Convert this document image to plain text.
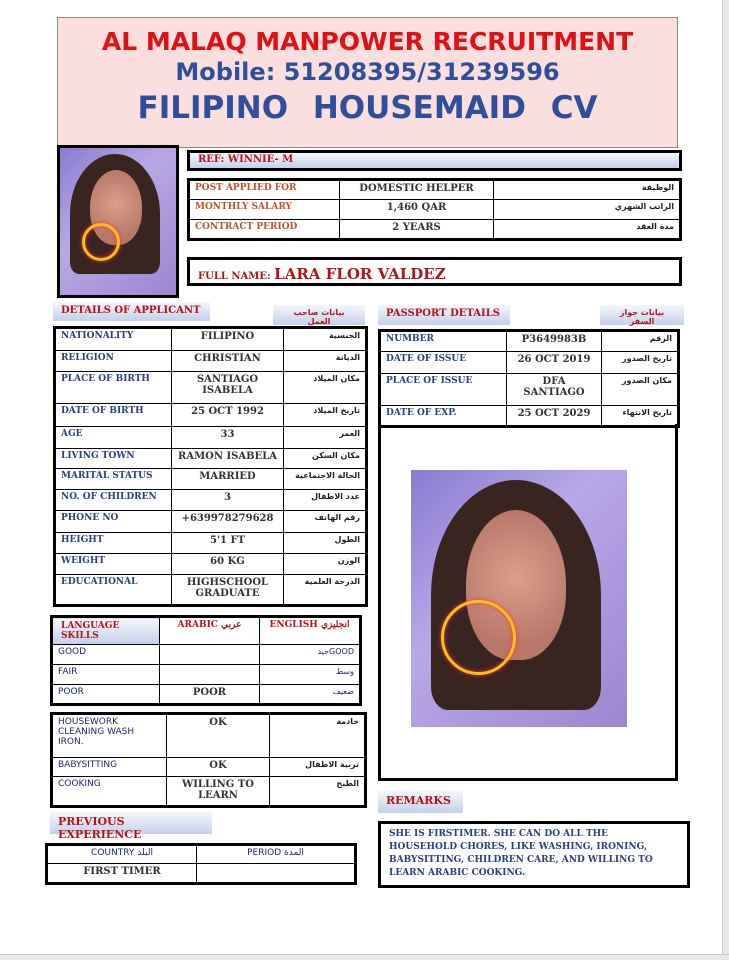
AL MALAQ MANPOWER RECRUITMENT
Mobile: 51208395/31239596
FILIPINO HOUSEMAID CV
REF: WINNIE- M
POST APPLIED FOR	DOMESTIC HELPER	الوظيفة
MONTHLY SALARY	1,460 QAR	الراتب الشهري
CONTRACT PERIOD	2 YEARS	مدة العقد
FULL NAME: LARA FLOR VALDEZ
DETAILS OF APPLICANT	بيانات صاحب العمل
NATIONALITY	FILIPINO	الجنسية
RELIGION	CHRISTIAN	الديانة
PLACE OF BIRTH	SANTIAGO ISABELA	مكان الميلاد
DATE OF BIRTH	25 OCT 1992	تاريخ الميلاد
AGE	33	العمر
LIVING TOWN	RAMON ISABELA	مكان السكن
MARITAL STATUS	MARRIED	الحالة الاجتماعية
NO. OF CHILDREN	3	عدد الاطفال
PHONE NO	+639978279628	رقم الهاتف
HEIGHT	5'1 FT	الطول
WEIGHT	60 KG	الوزن
EDUCATIONAL	HIGHSCHOOL GRADUATE	الدرجة العلمية
PASSPORT DETAILS	بيانات جواز السفر
NUMBER	P3649983B	الرقم
DATE OF ISSUE	26 OCT 2019	تاريخ الصدور
PLACE OF ISSUE	DFA SANTIAGO	مكان الصدور
DATE OF EXP.	25 OCT 2029	تاريخ الانتهاء
LANGUAGE SKILLS	ARABIC عربي	ENGLISH انجليزي
GOOD		جيدGOOD
FAIR		وسط
POOR	POOR	ضعيف
HOUSEWORK CLEANING WASH IRON.	OK	خادمة
BABYSITTING	OK	تربية الاطفال
COOKING	WILLING TO LEARN	الطبخ
PREVIOUS EXPERIENCE
COUNTRY البلد	PERIOD المدة
FIRST TIMER	
REMARKS
SHE IS FIRSTIMER. SHE CAN DO ALL THE HOUSEHOLD CHORES, LIKE WASHING, IRONING, BABYSITTING, CHILDREN CARE, AND WILLING TO LEARN ARABIC COOKING.
